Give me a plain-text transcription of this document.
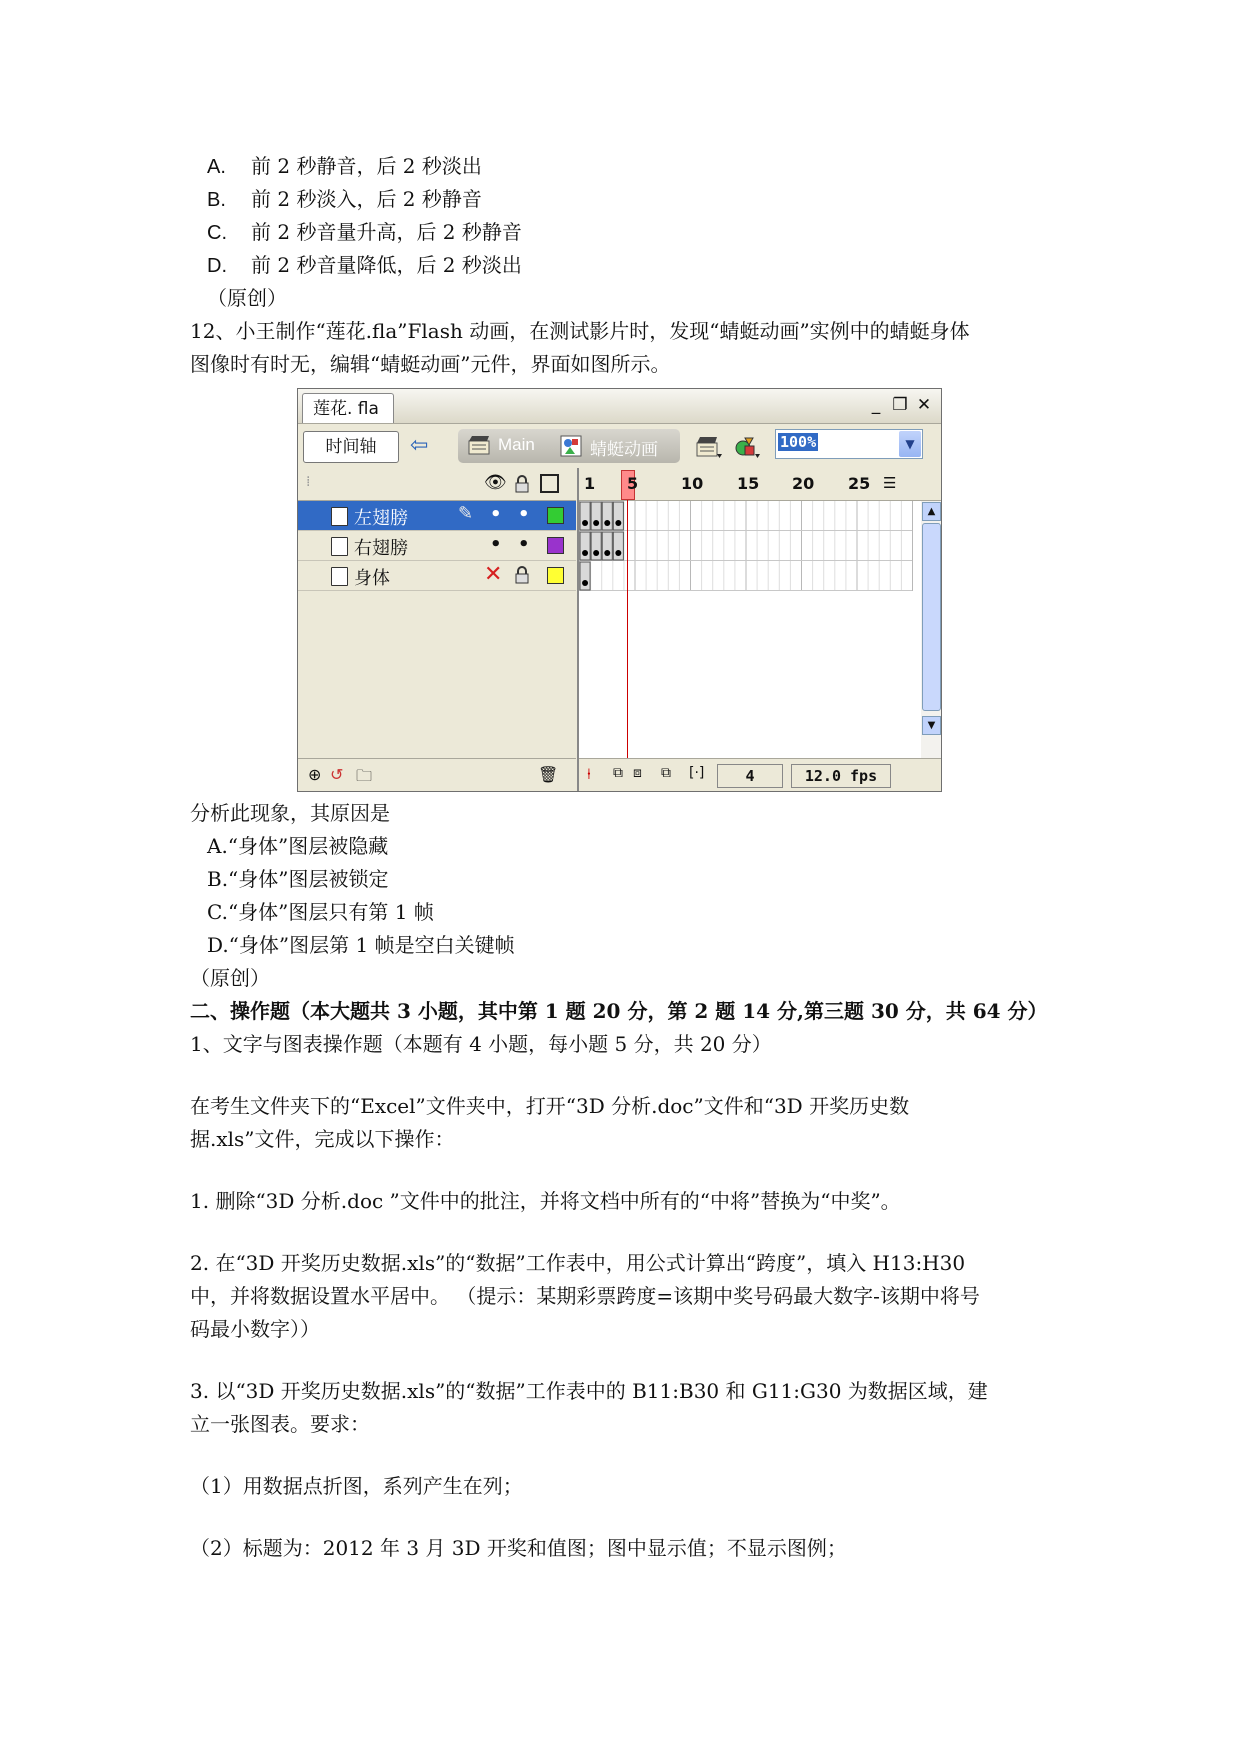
A. 前 2 秒静音，后 2 秒淡出
B. 前 2 秒淡入，后 2 秒静音
C. 前 2 秒音量升高，后 2 秒静音
D. 前 2 秒音量降低，后 2 秒淡出
（原创）
12、小王制作“莲花.fla”Flash 动画，在测试影片时，发现“蜻蜓动画”实例中的蜻蜓身体
图像时有时无，编辑“蜻蜓动画”元件，界面如图所示。
莲花. fla	_ ❐ ✕
时间轴	⇦	Main	蜻蜓动画	100%	▼
⁞	👁
左翅膀	✎ • •
右翅膀	• •
身体	✕
⊕ ↺ 🗀	🗑
1 5	10 15 20 25 ☰
▲
▼
⍿ ⧉ ⧈ ⧉ [·]	4	12.0 fps
分析此现象，其原因是
A.“身体”图层被隐藏
B.“身体”图层被锁定
C.“身体”图层只有第 1 帧
D.“身体”图层第 1 帧是空白关键帧
（原创）
二、操作题（本大题共 3 小题，其中第 1 题 20 分，第 2 题 14 分,第三题 30 分，共 64 分）
1、文字与图表操作题（本题有 4 小题，每小题 5 分，共 20 分）
在考生文件夹下的“Excel”文件夹中，打开“3D 分析.doc”文件和“3D 开奖历史数
据.xls”文件，完成以下操作：
1. 删除“3D 分析.doc ”文件中的批注，并将文档中所有的“中将”替换为“中奖”。
2. 在“3D 开奖历史数据.xls”的“数据”工作表中，用公式计算出“跨度”，填入 H13:H30
中，并将数据设置水平居中。 （提示：某期彩票跨度=该期中奖号码最大数字-该期中将号
码最小数字））
3. 以“3D 开奖历史数据.xls”的“数据”工作表中的 B11:B30 和 G11:G30 为数据区域，建
立一张图表。要求：
（1）用数据点折图，系列产生在列；
（2）标题为：2012 年 3 月 3D 开奖和值图；图中显示值；不显示图例；
